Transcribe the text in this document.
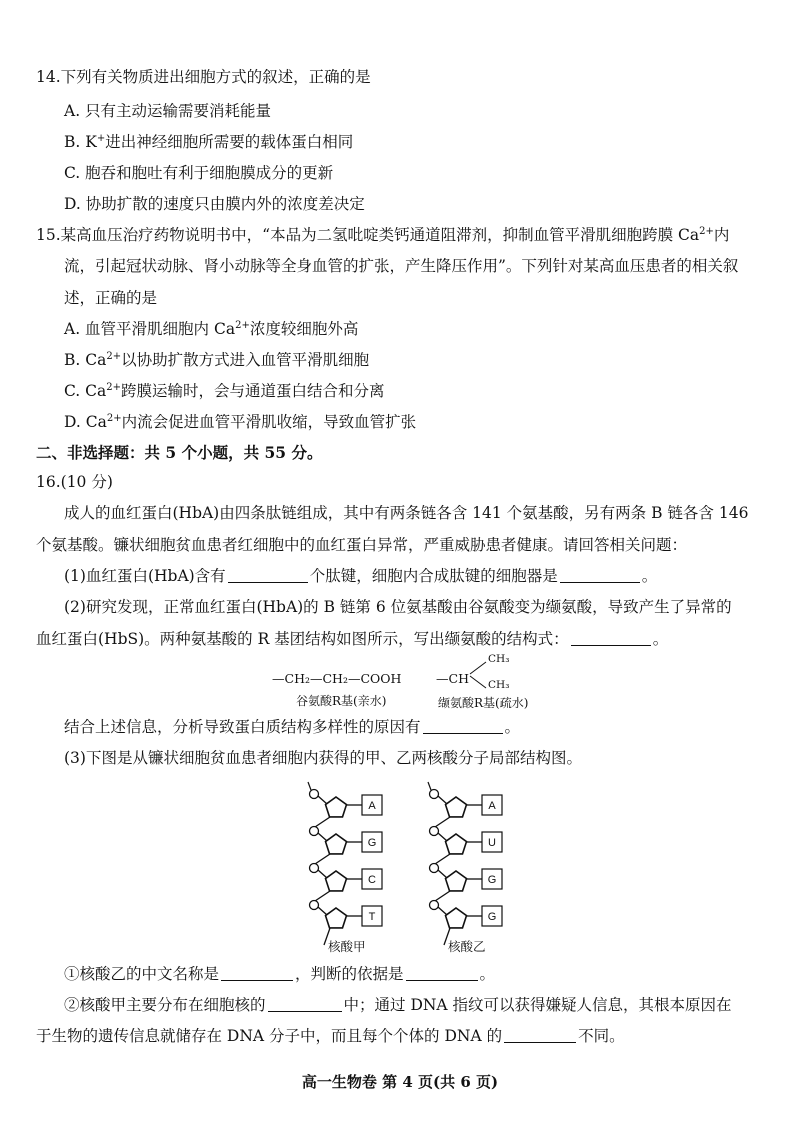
14.下列有关物质进出细胞方式的叙述，正确的是
A. 只有主动运输需要消耗能量
B. K+进出神经细胞所需要的载体蛋白相同
C. 胞吞和胞吐有利于细胞膜成分的更新
D. 协助扩散的速度只由膜内外的浓度差决定
15.某高血压治疗药物说明书中，“本品为二氢吡啶类钙通道阻滞剂，抑制血管平滑肌细胞跨膜 $Ca^{2+}$内
流，引起冠状动脉、肾小动脉等全身血管的扩张，产生降压作用”。下列针对某高血压患者的相关叙
述，正确的是
A. 血管平滑肌细胞内 $Ca^{2+}$浓度较细胞外高
B. $Ca^{2+}$以协助扩散方式进入血管平滑肌细胞
C. $Ca^{2+}$跨膜运输时，会与通道蛋白结合和分离
D. $Ca^{2+}$内流会促进血管平滑肌收缩，导致血管扩张
二、非选择题：共 5 个小题，共 55 分。
16.(10 分)
成人的血红蛋白(HbA)由四条肽链组成，其中有两条链各含 141 个氨基酸，另有两条 B 链各含 146
个氨基酸。镰状细胞贫血患者红细胞中的血红蛋白异常，严重威胁患者健康。请回答相关问题：
(1)血红蛋白(HbA)含有	个肽键，细胞内合成肽键的细胞器是	。
(2)研究发现，正常血红蛋白(HbA)的 B 链第 6 位氨基酸由谷氨酸变为缬氨酸，导致产生了异常的
血红蛋白(HbS)。两种氨基酸的 R 基团结构如图所示，写出缬氨酸的结构式：	。
—CH₂—CH₂—COOH
谷氨酸R基(亲水)
—CH
CH₃
CH₃
缬氨酸R基(疏水)
结合上述信息，分析导致蛋白质结构多样性的原因有	。
(3)下图是从镰状细胞贫血患者细胞内获得的甲、乙两核酸分子局部结构图。
A
G
C
T
A
U
G
G
核酸甲	核酸乙
①核酸乙的中文名称是	，判断的依据是	。
②核酸甲主要分布在细胞核的	中；通过 DNA 指纹可以获得嫌疑人信息，其根本原因在
于生物的遗传信息就储存在 DNA 分子中，而且每个个体的 DNA 的	不同。
高一生物卷 第 4 页(共 6 页)
